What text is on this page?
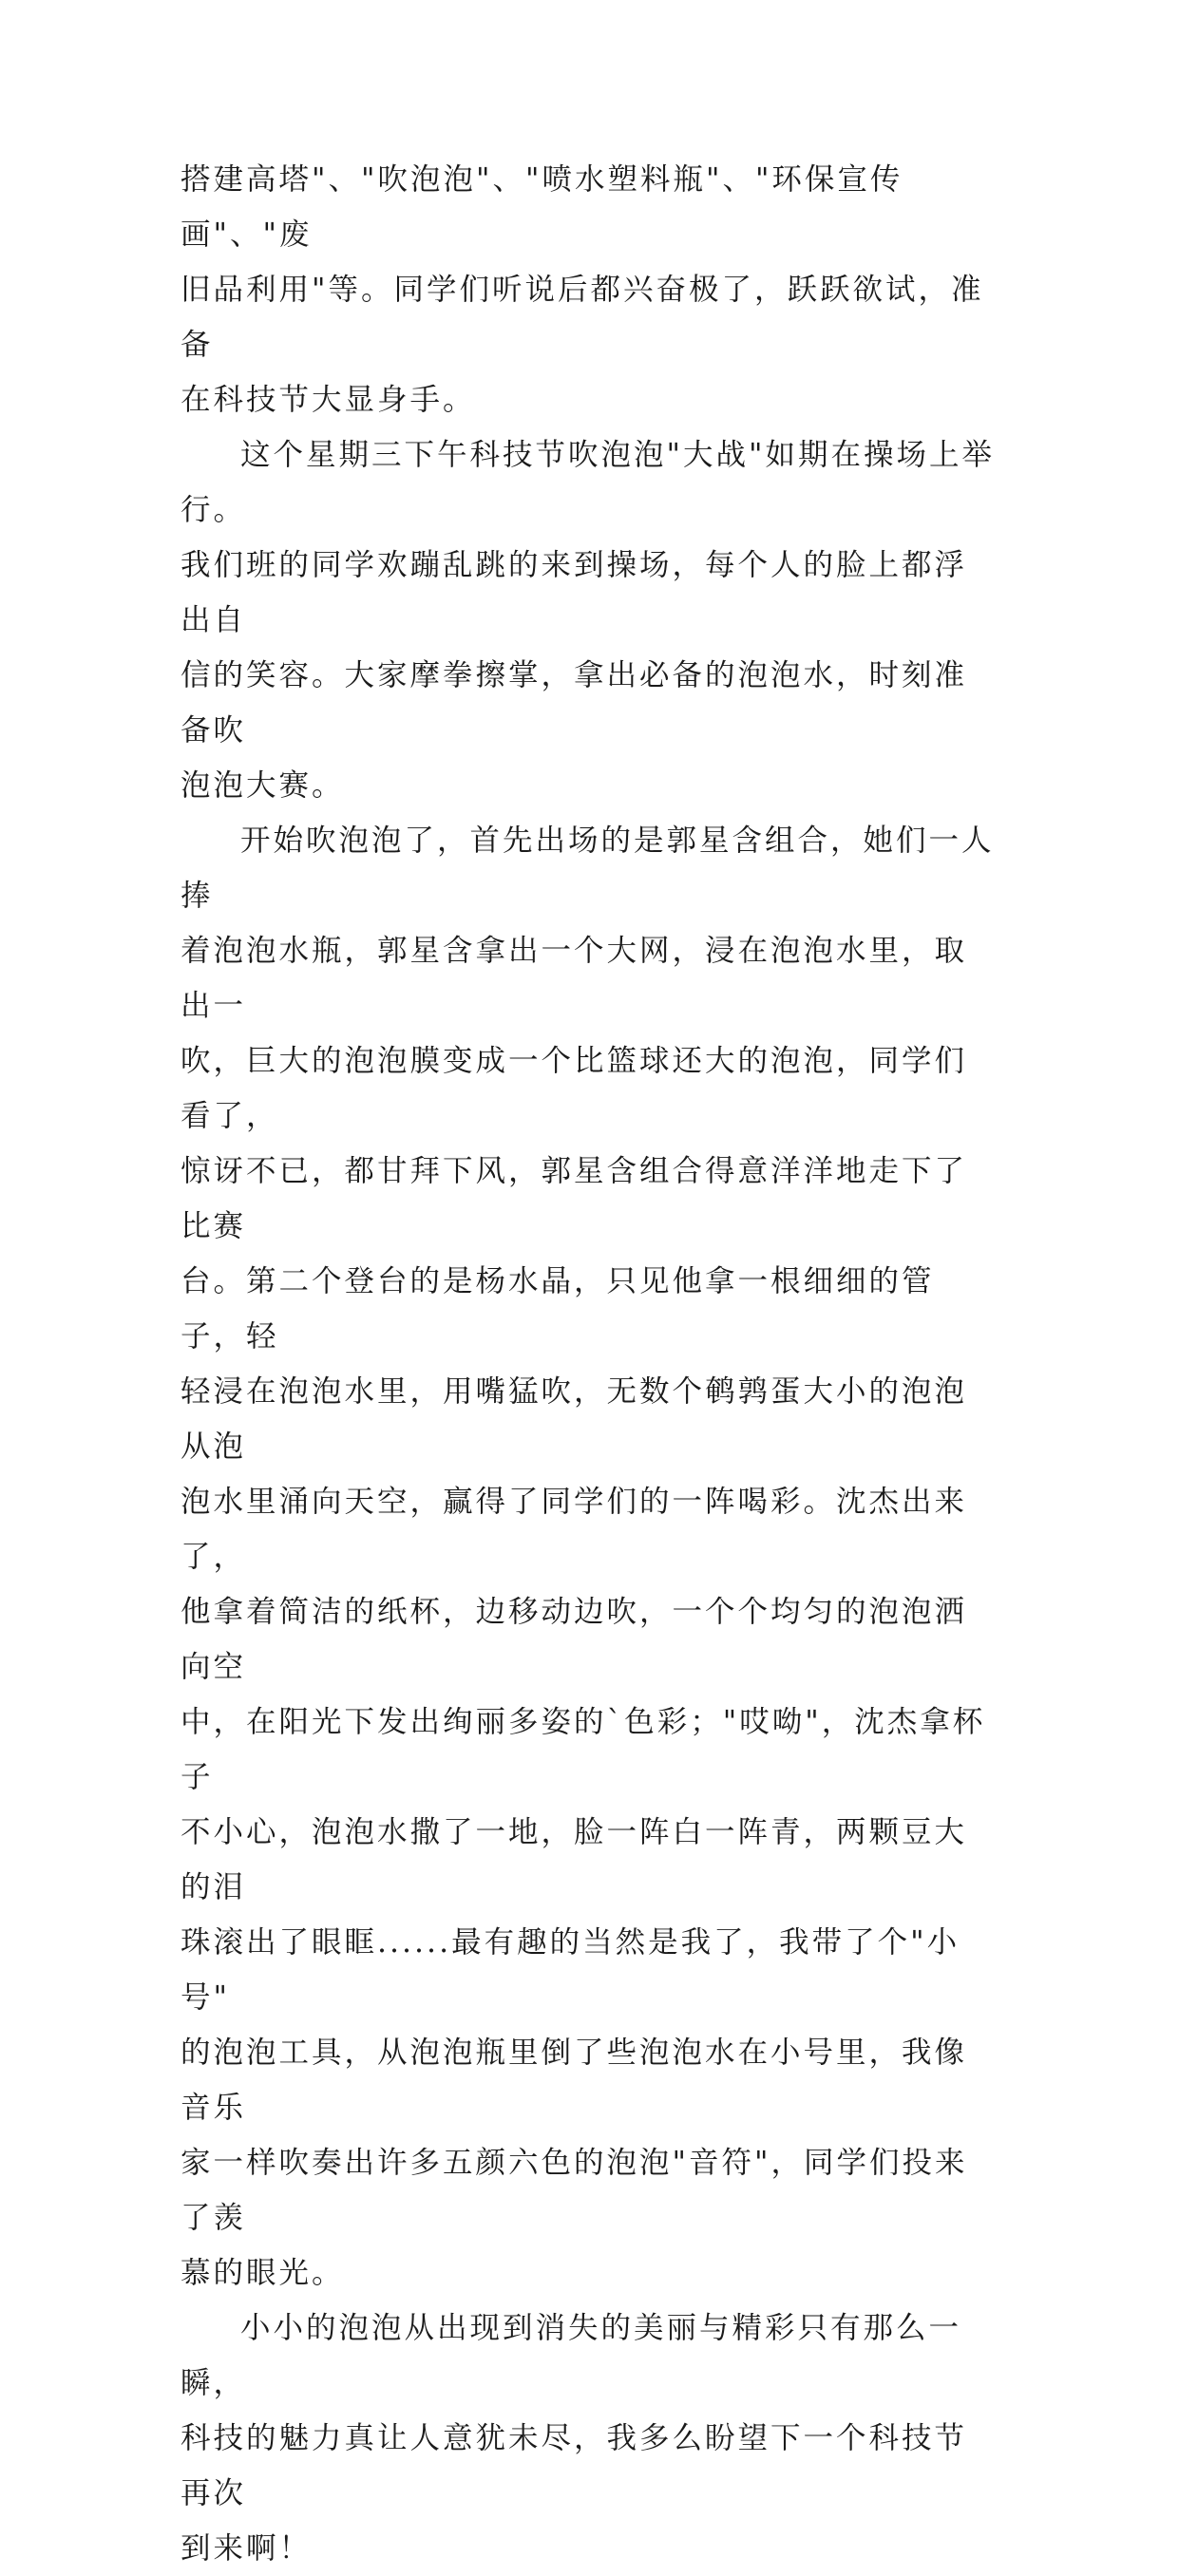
搭建高塔"、"吹泡泡"、"喷水塑料瓶"、"环保宣传画"、"废
旧品利用"等。同学们听说后都兴奋极了，跃跃欲试，准备
在科技节大显身手。
这个星期三下午科技节吹泡泡"大战"如期在操场上举行。
我们班的同学欢蹦乱跳的来到操场，每个人的脸上都浮出自
信的笑容。大家摩拳擦掌，拿出必备的泡泡水，时刻准备吹
泡泡大赛。
开始吹泡泡了，首先出场的是郭星含组合，她们一人捧
着泡泡水瓶，郭星含拿出一个大网，浸在泡泡水里，取出一
吹，巨大的泡泡膜变成一个比篮球还大的泡泡，同学们看了，
惊讶不已，都甘拜下风，郭星含组合得意洋洋地走下了比赛
台。第二个登台的是杨水晶，只见他拿一根细细的管子，轻
轻浸在泡泡水里，用嘴猛吹，无数个鹌鹑蛋大小的泡泡从泡
泡水里涌向天空，赢得了同学们的一阵喝彩。沈杰出来了，
他拿着简洁的纸杯，边移动边吹，一个个均匀的泡泡洒向空
中，在阳光下发出绚丽多姿的`色彩；"哎呦"，沈杰拿杯子
不小心，泡泡水撒了一地，脸一阵白一阵青，两颗豆大的泪
珠滚出了眼眶......最有趣的当然是我了，我带了个"小号"
的泡泡工具，从泡泡瓶里倒了些泡泡水在小号里，我像音乐
家一样吹奏出许多五颜六色的泡泡"音符"，同学们投来了羡
慕的眼光。
小小的泡泡从出现到消失的美丽与精彩只有那么一瞬，
科技的魅力真让人意犹未尽，我多么盼望下一个科技节再次
到来啊！
